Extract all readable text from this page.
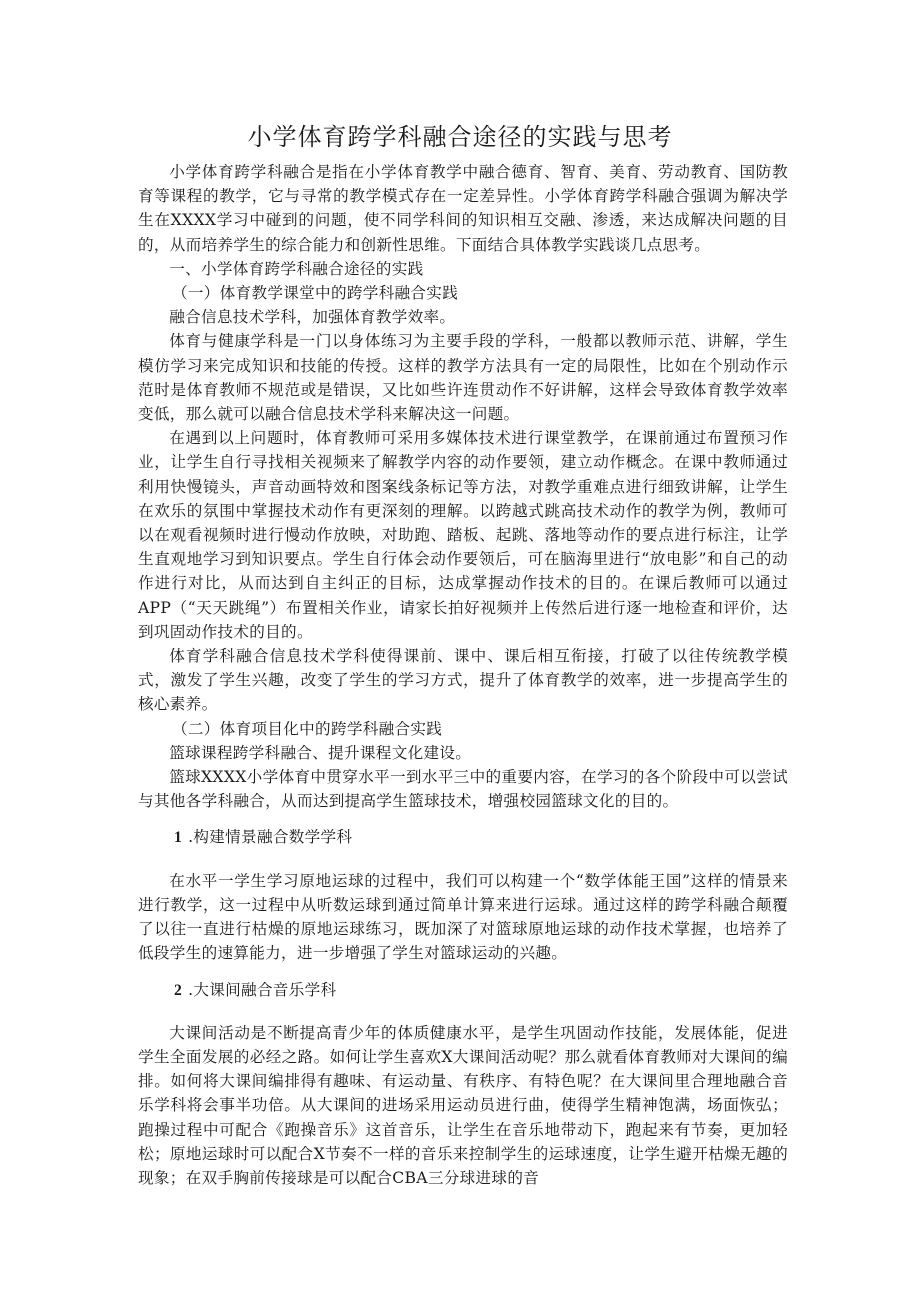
小学体育跨学科融合途径的实践与思考

小学体育跨学科融合是指在小学体育教学中融合德育、智育、美育、劳动教育、国防教育等课程的教学，它与寻常的教学模式存在一定差异性。小学体育跨学科融合强调为解决学生在XXXX学习中碰到的问题，使不同学科间的知识相互交融、渗透，来达成解决问题的目的，从而培养学生的综合能力和创新性思维。下面结合具体教学实践谈几点思考。

一、小学体育跨学科融合途径的实践

（一）体育教学课堂中的跨学科融合实践

融合信息技术学科，加强体育教学效率。

体育与健康学科是一门以身体练习为主要手段的学科，一般都以教师示范、讲解，学生模仿学习来完成知识和技能的传授。这样的教学方法具有一定的局限性，比如在个别动作示范时是体育教师不规范或是错误，又比如些许连贯动作不好讲解，这样会导致体育教学效率变低，那么就可以融合信息技术学科来解决这一问题。

在遇到以上问题时，体育教师可采用多媒体技术进行课堂教学，在课前通过布置预习作业，让学生自行寻找相关视频来了解教学内容的动作要领，建立动作概念。在课中教师通过利用快慢镜头，声音动画特效和图案线条标记等方法，对教学重难点进行细致讲解，让学生在欢乐的氛围中掌握技术动作有更深刻的理解。以跨越式跳高技术动作的教学为例，教师可以在观看视频时进行慢动作放映，对助跑、踏板、起跳、落地等动作的要点进行标注，让学生直观地学习到知识要点。学生自行体会动作要领后，可在脑海里进行“放电影”和自己的动作进行对比，从而达到自主纠正的目标，达成掌握动作技术的目的。在课后教师可以通过APP（“天天跳绳”）布置相关作业，请家长拍好视频并上传然后进行逐一地检查和评价，达到巩固动作技术的目的。

体育学科融合信息技术学科使得课前、课中、课后相互衔接，打破了以往传统教学模式，激发了学生兴趣，改变了学生的学习方式，提升了体育教学的效率，进一步提高学生的核心素养。

（二）体育项目化中的跨学科融合实践

篮球课程跨学科融合、提升课程文化建设。

篮球XXXX小学体育中贯穿水平一到水平三中的重要内容，在学习的各个阶段中可以尝试与其他各学科融合，从而达到提高学生篮球技术，增强校园篮球文化的目的。

1 .构建情景融合数学学科

在水平一学生学习原地运球的过程中，我们可以构建一个“数学体能王国”这样的情景来进行教学，这一过程中从听数运球到通过简单计算来进行运球。通过这样的跨学科融合颠覆了以往一直进行枯燥的原地运球练习，既加深了对篮球原地运球的动作技术掌握，也培养了低段学生的速算能力，进一步增强了学生对篮球运动的兴趣。

2 .大课间融合音乐学科

大课间活动是不断提高青少年的体质健康水平，是学生巩固动作技能，发展体能，促进学生全面发展的必经之路。如何让学生喜欢X大课间活动呢？那么就看体育教师对大课间的编排。如何将大课间编排得有趣味、有运动量、有秩序、有特色呢？在大课间里合理地融合音乐学科将会事半功倍。从大课间的进场采用运动员进行曲，使得学生精神饱满，场面恢弘；跑操过程中可配合《跑操音乐》这首音乐，让学生在音乐地带动下，跑起来有节奏，更加轻松；原地运球时可以配合X节奏不一样的音乐来控制学生的运球速度，让学生避开枯燥无趣的现象；在双手胸前传接球是可以配合CBA三分球进球的音
